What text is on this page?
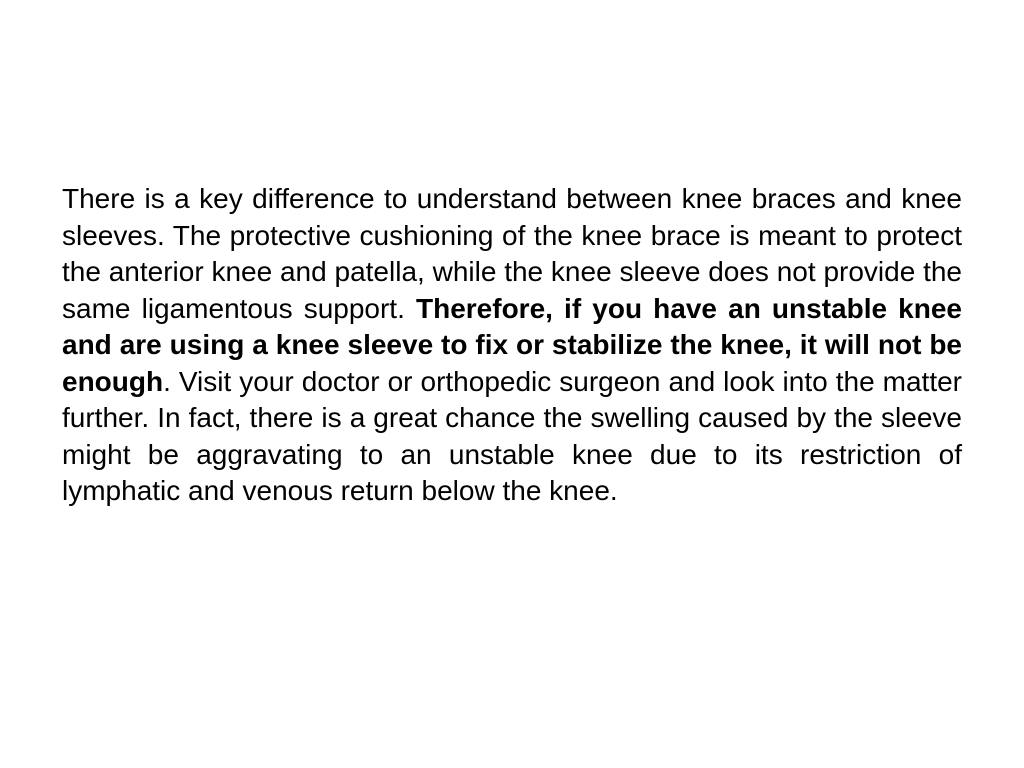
There is a key difference to understand between knee braces and knee sleeves. The protective cushioning of the knee brace is meant to protect the anterior knee and patella, while the knee sleeve does not provide the same ligamentous support. Therefore, if you have an unstable knee and are using a knee sleeve to fix or stabilize the knee, it will not be enough. Visit your doctor or orthopedic surgeon and look into the matter further. In fact, there is a great chance the swelling caused by the sleeve might be aggravating to an unstable knee due to its restriction of lymphatic and venous return below the knee.
